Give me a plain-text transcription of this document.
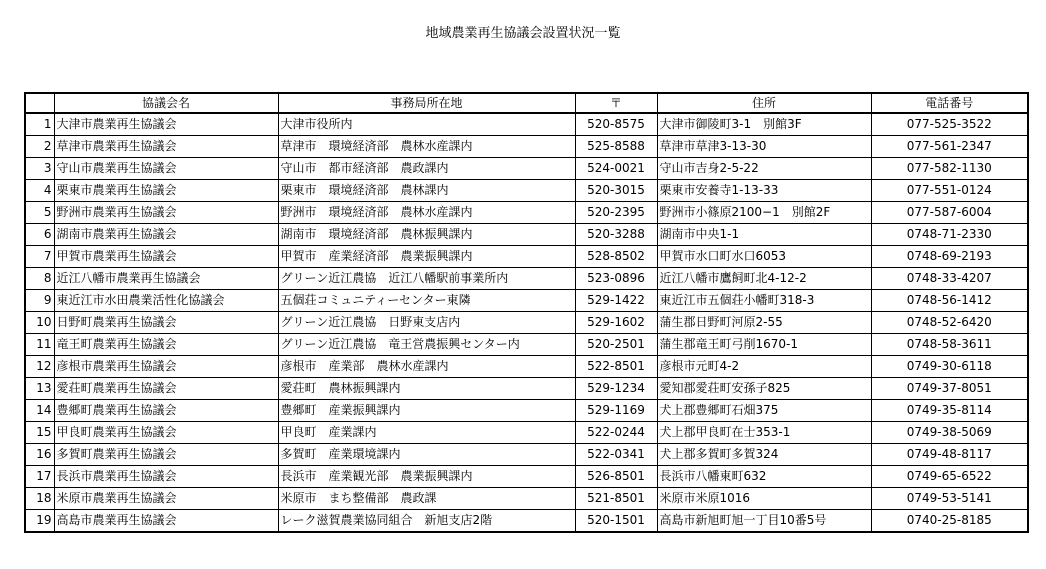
地域農業再生協議会設置状況一覧
	協議会名	事務局所在地	〒	住所	電話番号
1	大津市農業再生協議会	大津市役所内	520-8575	大津市御陵町3-1　別館3F	077-525-3522
2	草津市農業再生協議会	草津市　環境経済部　農林水産課内	525-8588	草津市草津3-13-30	077-561-2347
3	守山市農業再生協議会	守山市　都市経済部　農政課内	524-0021	守山市吉身2-5-22	077-582-1130
4	栗東市農業再生協議会	栗東市　環境経済部　農林課内	520-3015	栗東市安養寺1-13-33	077-551-0124
5	野洲市農業再生協議会	野洲市　環境経済部　農林水産課内	520-2395	野洲市小篠原2100−1　別館2F	077-587-6004
6	湖南市農業再生協議会	湖南市　環境経済部　農林振興課内	520-3288	湖南市中央1-1	0748-71-2330
7	甲賀市農業再生協議会	甲賀市　産業経済部　農業振興課内	528-8502	甲賀市水口町水口6053	0748-69-2193
8	近江八幡市農業再生協議会	グリーン近江農協　近江八幡駅前事業所内	523-0896	近江八幡市鷹飼町北4-12-2	0748-33-4207
9	東近江市水田農業活性化協議会	五個荘コミュニティーセンター東隣	529-1422	東近江市五個荘小幡町318-3	0748-56-1412
10	日野町農業再生協議会	グリーン近江農協　日野東支店内	529-1602	蒲生郡日野町河原2-55	0748-52-6420
11	竜王町農業再生協議会	グリーン近江農協　竜王営農振興センター内	520-2501	蒲生郡竜王町弓削1670-1	0748-58-3611
12	彦根市農業再生協議会	彦根市　産業部　農林水産課内	522-8501	彦根市元町4-2	0749-30-6118
13	愛荘町農業再生協議会	愛荘町　農林振興課内	529-1234	愛知郡愛荘町安孫子825	0749-37-8051
14	豊郷町農業再生協議会	豊郷町　産業振興課内	529-1169	犬上郡豊郷町石畑375	0749-35-8114
15	甲良町農業再生協議会	甲良町　産業課内	522-0244	犬上郡甲良町在士353-1	0749-38-5069
16	多賀町農業再生協議会	多賀町　産業環境課内	522-0341	犬上郡多賀町多賀324	0749-48-8117
17	長浜市農業再生協議会	長浜市　産業観光部　農業振興課内	526-8501	長浜市八幡東町632	0749-65-6522
18	米原市農業再生協議会	米原市　まち整備部　農政課	521-8501	米原市米原1016	0749-53-5141
19	高島市農業再生協議会	レーク滋賀農業協同組合　新旭支店2階	520-1501	高島市新旭町旭一丁目10番5号	0740-25-8185
